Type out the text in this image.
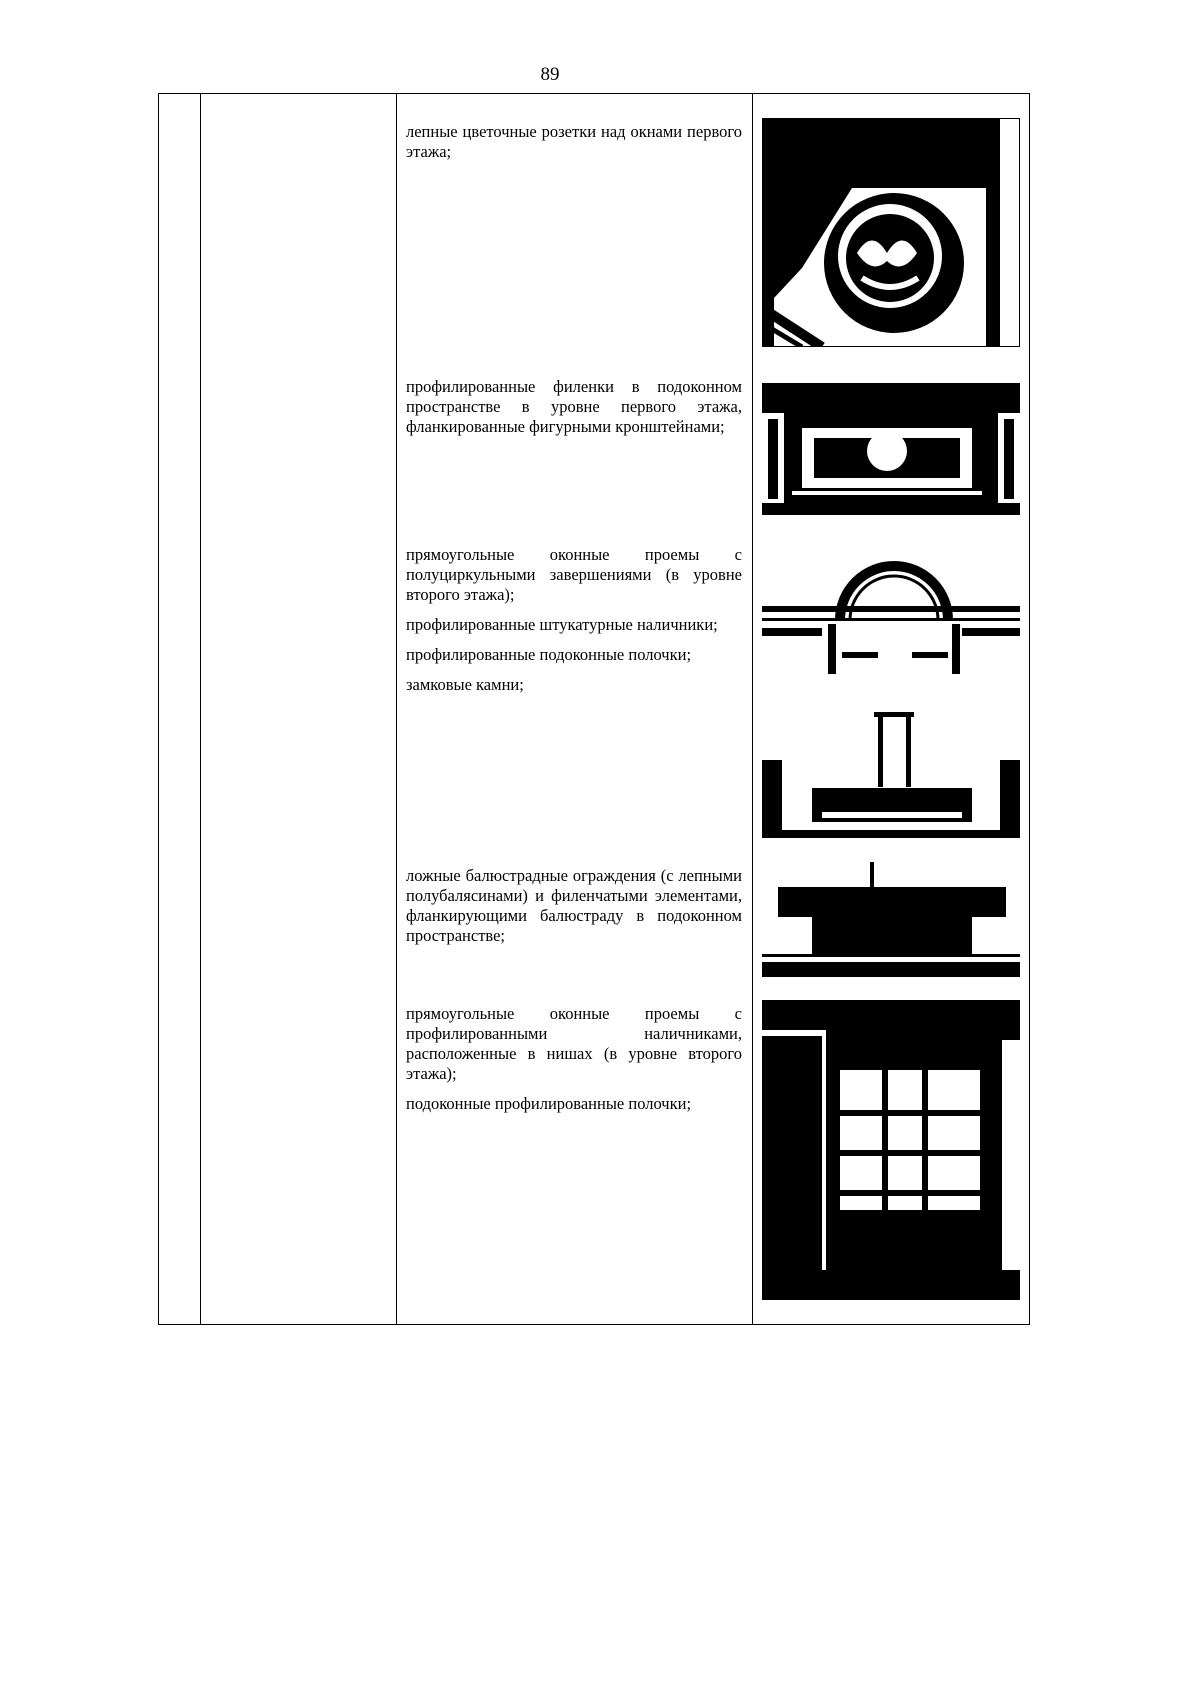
89

лепные цветочные розетки над окнами первого этажа;

профилированные филенки в подоконном пространстве в уровне первого этажа, фланкированные фигурными кронштейнами;

прямоугольные оконные проемы с полуциркульными завершениями (в уровне второго этажа);

профилированные штукатурные наличники;

профилированные подоконные полочки;

замковые камни;

ложные балюстрадные ограждения (с лепными полубалясинами) и филенчатыми элементами, фланкирующими балюстраду в подоконном пространстве;

прямоугольные оконные проемы с профилированными наличниками, расположенные в нишах (в уровне второго этажа);

подоконные профилированные полочки;
